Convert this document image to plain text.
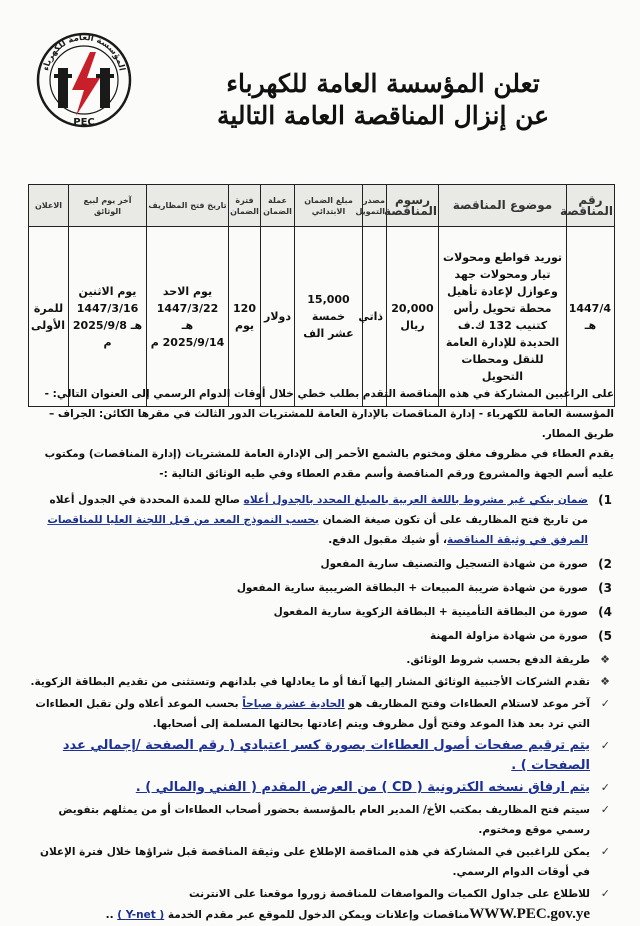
المؤسسة العامة للكهرباء
PEC
تعلن المؤسسة العامة للكهرباء
عن إنزال المناقصة العامة التالية
رقم المناقصة	موضوع المناقصة	رسوم المناقصة	مصدر التمويل	مبلغ الضمان الابتدائي	عملة الضمان	فترة الضمان	تاريخ فتح المظاريف	آخر يوم لبيع الوثائق	الاعلان
1447/4 هـ	توريد قواطع ومحولات تيار ومحولات جهد وعوازل لإعادة تأهيل محطة تحويل رأس كتنيب 132 ك.ف الحديدة للإدارة العامة للنقل ومحطات التحويل	20,000 ريال	ذاتي	15,000 خمسة عشر الف	دولار	120 يوم	يوم الاحد 1447/3/22 هـ 2025/9/14 م	يوم الاثنين 1447/3/16 هـ 2025/9/8 م	للمرة الأولى

على الراغبين المشاركة في هذه المناقصة التقدم بطلب خطي خلال أوقات الدوام الرسمي إلى العنوان التالي: -

المؤسسة العامة للكهرباء - إدارة المناقصات بالإدارة العامة للمشتريات الدور الثالث في مقرها الكائن: الجراف – طريق المطار.

يقدم العطاء في مظروف مغلق ومختوم بالشمع الأحمر إلى الإدارة العامة للمشتريات (إدارة المناقصات) ومكتوب عليه أسم الجهة والمشروع ورقم المناقصة وأسم مقدم العطاء وفي طيه الوثائق التالية :-

1)
ضمان بنكي غير مشروط باللغة العربية بالمبلغ المحدد بالجدول أعلاه صالح للمدة المحددة في الجدول أعلاه من تاريخ فتح المظاريف على أن تكون صيغة الضمان بحسب النموذج المعد من قبل اللجنة العليا للمناقصات المرفق في وثيقة المناقصة، أو شيك مقبول الدفع.
2)
صورة من شهادة التسجيل والتصنيف سارية المفعول
3)
صورة من شهادة ضريبة المبيعات + البطاقة الضريبية سارية المفعول
4)
صورة من البطاقة التأمينية + البطاقة الزكوية سارية المفعول
5)
صورة من شهادة مزاولة المهنة
❖
طريقة الدفع بحسب شروط الوثائق.
❖
تقدم الشركات الأجنبية الوثائق المشار إليها آنفا أو ما يعادلها في بلدانهم وتستثنى من تقديم البطاقة الزكوية.
✓
آخر موعد لاستلام العطاءات وفتح المظاريف هو الحادية عشرة صباحاً بحسب الموعد أعلاه ولن تقبل العطاءات التي ترد بعد هذا الموعد وفتح أول مظروف ويتم إعادتها بحالتها المسلمة إلى أصحابها.
✓
يتم ترقيم صفحات أصول العطاءات بصورة كسر اعتيادي ( رقم الصفحة /إجمالي عدد الصفحات ) .
✓
يتم ارفاق نسخه الكترونية ( CD ) من العرض المقدم ( الفني والمالي ) .
✓
سيتم فتح المظاريف بمكتب الأخ/ المدير العام بالمؤسسة بحضور أصحاب العطاءات أو من يمثلهم بتفويض رسمي موقع ومختوم.
✓
يمكن للراغبين في المشاركة في هذه المناقصة الإطلاع على وثيقة المناقصة قبل شراؤها خلال فترة الإعلان في أوقات الدوام الرسمي.
✓
للاطلاع على جداول الكميات والمواصفات للمناقصة زوروا موقعنا على الانترنت WWW.PEC.gov.yeمناقصات وإعلانات ويمكن الدخول للموقع عبر مقدم الخدمة ( Y-net ) ..
